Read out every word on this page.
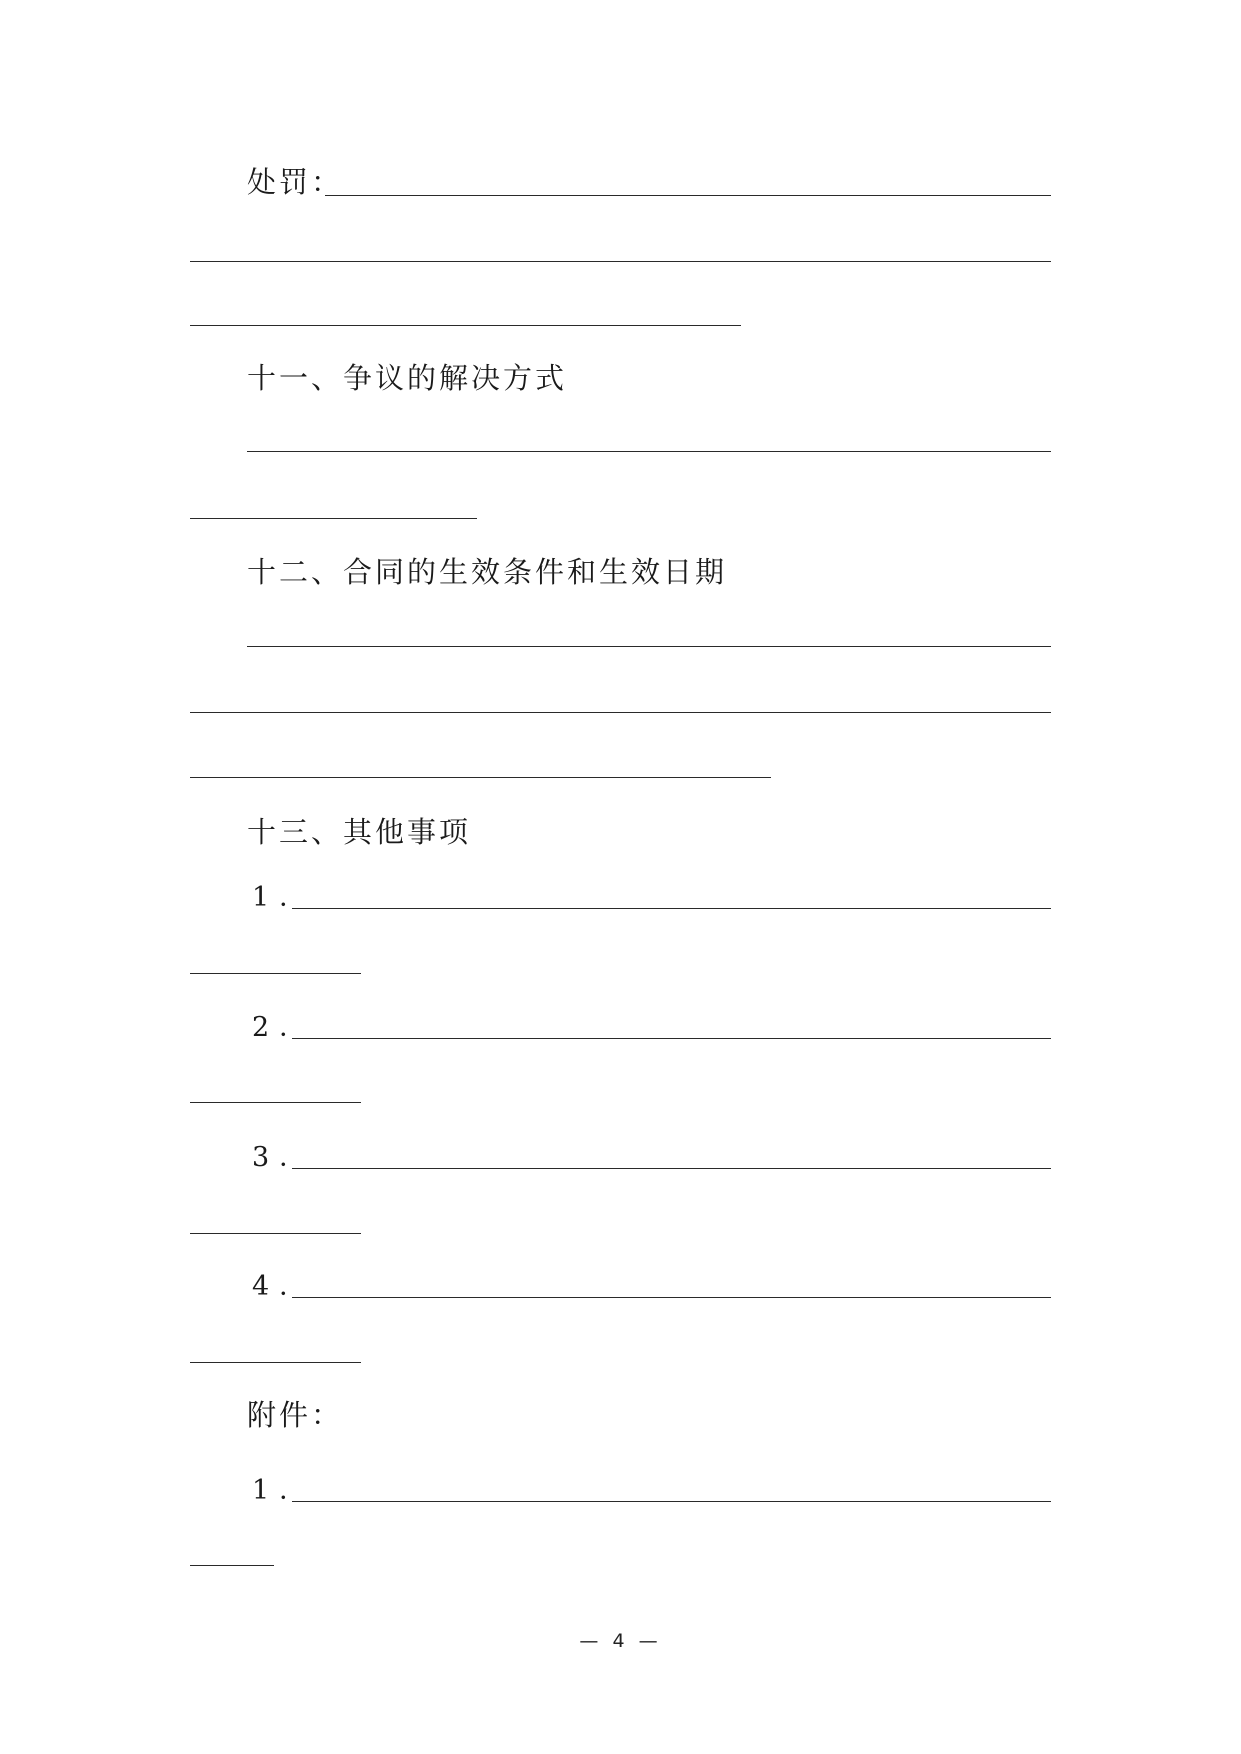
处罚：
十一、争议的解决方式
十二、合同的生效条件和生效日期
十三、其他事项
1．
2．
3．
4．
附件：
1．
— 4 —
